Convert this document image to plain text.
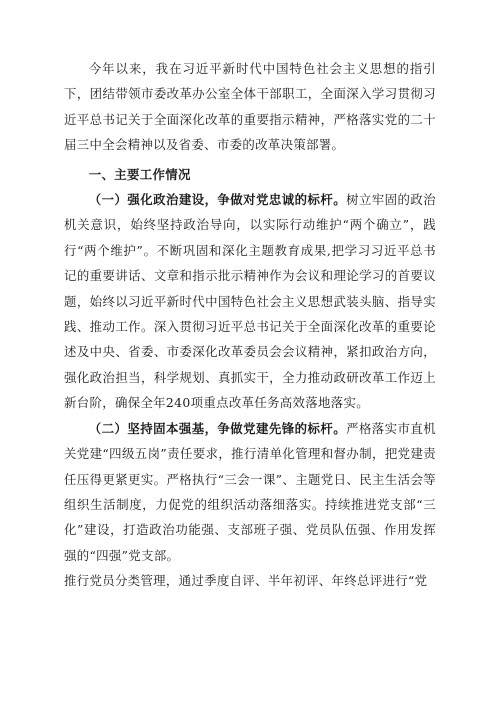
今年以来，我在习近平新时代中国特色社会主义思想的指引下，团结带领市委改革办公室全体干部职工，全面深入学习贯彻习近平总书记关于全面深化改革的重要指示精神，严格落实党的二十届三中全会精神以及省委、市委的改革决策部署。

一、主要工作情况

（一）强化政治建设，争做对党忠诚的标杆。树立牢固的政治机关意识，始终坚持政治导向，以实际行动维护“两个确立”，践行“两个维护”。不断巩固和深化主题教育成果,把学习习近平总书记的重要讲话、文章和指示批示精神作为会议和理论学习的首要议题，始终以习近平新时代中国特色社会主义思想武装头脑、指导实践、推动工作。深入贯彻习近平总书记关于全面深化改革的重要论述及中央、省委、市委深化改革委员会会议精神，紧扣政治方向，强化政治担当，科学规划、真抓实干，全力推动政研改革工作迈上新台阶，确保全年240项重点改革任务高效落地落实。

（二）坚持固本强基，争做党建先锋的标杆。严格落实市直机关党建“四级五岗”责任要求，推行清单化管理和督办制，把党建责任压得更紧更实。严格执行“三会一课”、主题党日、民主生活会等组织生活制度，力促党的组织活动落细落实。持续推进党支部“三化”建设，打造政治功能强、支部班子强、党员队伍强、作用发挥强的“四强”党支部。

推行党员分类管理，通过季度自评、半年初评、年终总评进行“党
